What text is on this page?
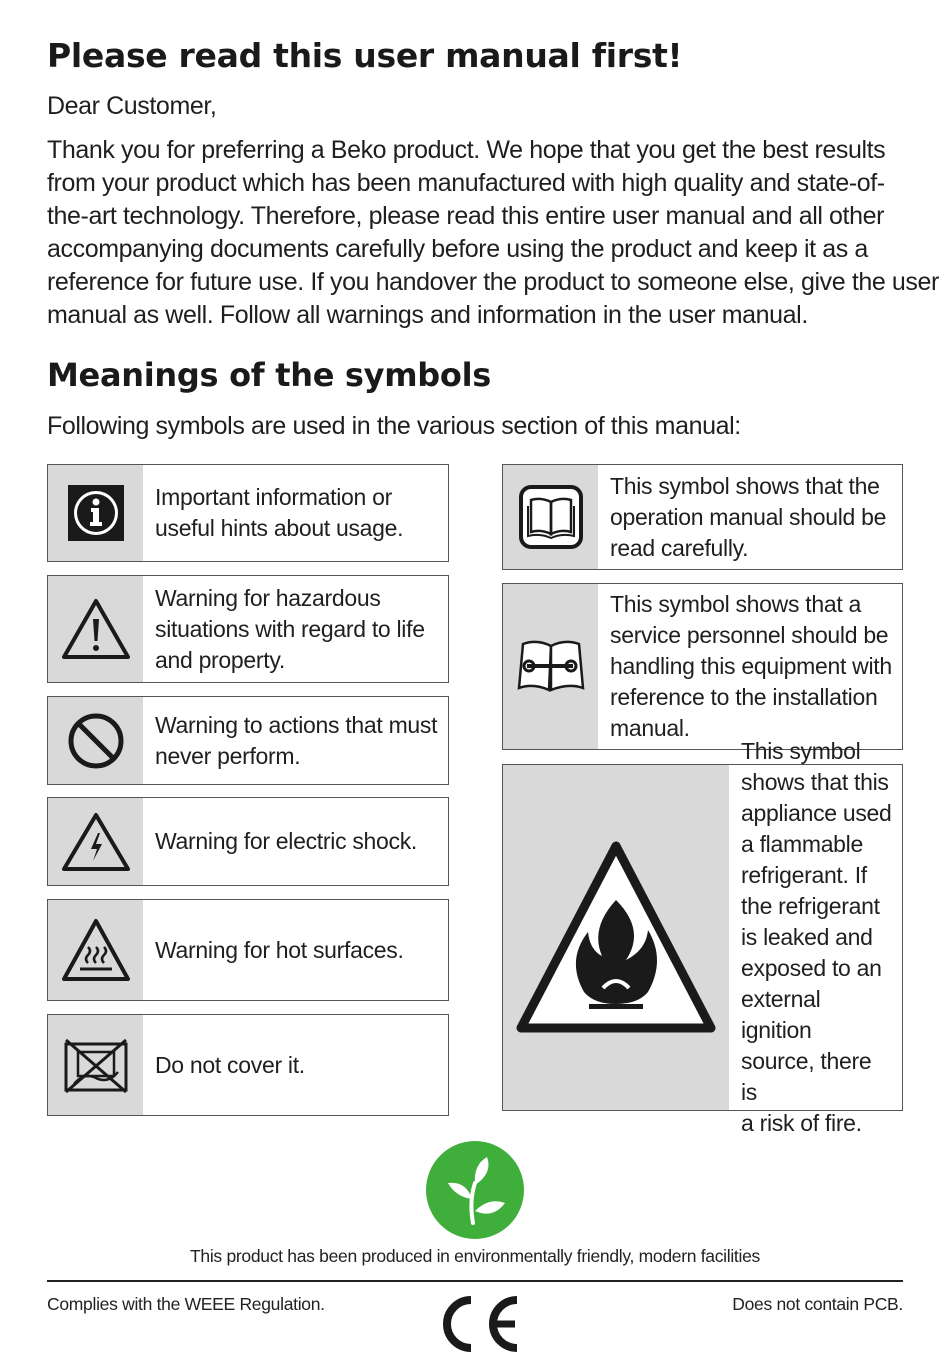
Please read this user manual first!

Dear Customer,

Thank you for preferring a Beko product. We hope that you get the best results
from your product which has been manufactured with high quality and state-of-
the-art technology. Therefore, please read this entire user manual and all other
accompanying documents carefully before using the product and keep it as a
reference for future use. If you handover the product to someone else, give the user
manual as well. Follow all warnings and information in the user manual.

Meanings of the symbols

Following symbols are used in the various section of this manual:

Important information or
useful hints about usage.
Warning for hazardous
situations with regard to life
and property.
Warning to actions that must
never perform.
Warning for electric shock.
Warning for hot surfaces.
Do not cover it.
This symbol shows that the
operation manual should be
read carefully.
This symbol shows that a
service personnel should be
handling this equipment with
reference to the installation
manual.
This symbol
shows that this
appliance used
a flammable
refrigerant. If
the refrigerant
is leaked and
exposed to an
external ignition
source, there is
a risk of fire.
This product has been produced in environmentally friendly, modern facilities
Complies with the WEEE Regulation.	Does not contain PCB.
